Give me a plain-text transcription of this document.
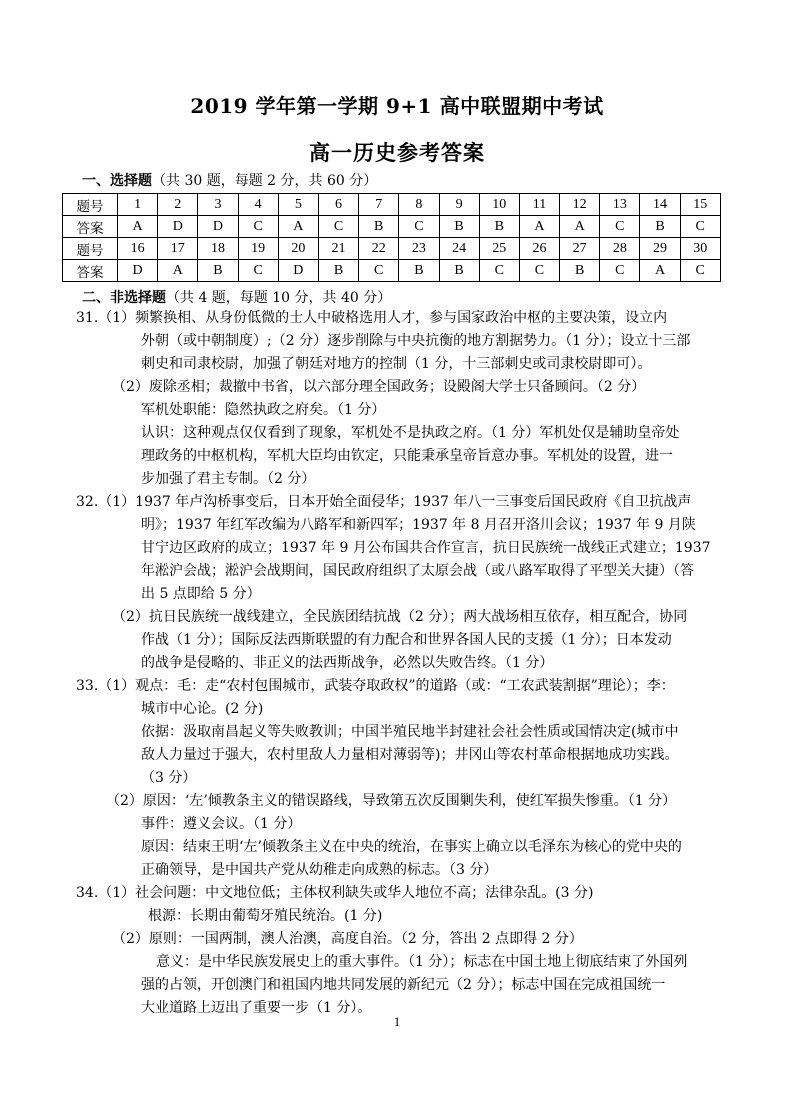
2019 学年第一学期 9+1 高中联盟期中考试
高一历史参考答案
一、选择题（共 30 题，每题 2 分，共 60 分）
题号	1	2	3	4	5	6	7	8	9	10	11	12	13	14	15
答案	A	D	D	C	A	C	B	C	B	B	A	A	C	B	C
题号	16	17	18	19	20	21	22	23	24	25	26	27	28	29	30
答案	D	A	B	C	D	B	C	B	B	C	C	B	C	A	C
二、非选择题（共 4 题，每题 10 分，共 40 分）
31.（1）频繁换相、从身份低微的士人中破格选用人才，参与国家政治中枢的主要决策，设立内
外朝（或中朝制度）;（2 分）逐步削除与中央抗衡的地方割据势力。（1 分）；设立十三部
刺史和司隶校尉，加强了朝廷对地方的控制（1 分，十三部刺史或司隶校尉即可）。
（2）废除丞相；裁撤中书省，以六部分理全国政务；设殿阁大学士只备顾问。（2 分）
军机处职能：隐然执政之府矣。（1 分）
认识：这种观点仅仅看到了现象，军机处不是执政之府。（1 分）军机处仅是辅助皇帝处
理政务的中枢机构，军机大臣均由钦定，只能秉承皇帝旨意办事。军机处的设置，进一
步加强了君主专制。（2 分）
32.（1）1937 年卢沟桥事变后，日本开始全面侵华；1937 年八一三事变后国民政府《自卫抗战声
明》；1937 年红军改编为八路军和新四军；1937 年 8 月召开洛川会议；1937 年 9 月陕
甘宁边区政府的成立；1937 年 9 月公布国共合作宣言，抗日民族统一战线正式建立；1937
年淞沪会战；淞沪会战期间，国民政府组织了太原会战（或八路军取得了平型关大捷）（答
出 5 点即给 5 分）
（2）抗日民族统一战线建立，全民族团结抗战（2 分）；两大战场相互依存，相互配合，协同
作战（1 分）；国际反法西斯联盟的有力配合和世界各国人民的支援（1 分）；日本发动
的战争是侵略的、非正义的法西斯战争，必然以失败告终。（1 分）
33.（1）观点：毛：走“农村包围城市，武装夺取政权”的道路（或：“工农武装割据”理论）；李：
城市中心论。(2 分)
依据：汲取南昌起义等失败教训；中国半殖民地半封建社会社会性质或国情决定(城市中
敌人力量过于强大，农村里敌人力量相对薄弱等)；井冈山等农村革命根据地成功实践。
（3 分）
（2）原因：‘左’倾教条主义的错误路线，导致第五次反围剿失利，使红军损失惨重。（1 分）
事件：遵义会议。（1 分）
原因：结束王明‘左’倾教条主义在中央的统治，在事实上确立以毛泽东为核心的党中央的
正确领导，是中国共产党从幼稚走向成熟的标志。（3 分）
34.（1）社会问题：中文地位低；主体权利缺失或华人地位不高；法律杂乱。(3 分)
根源：长期由葡萄牙殖民统治。(1 分)
（2）原则：一国两制，澳人治澳，高度自治。（2 分，答出 2 点即得 2 分）
意义：是中华民族发展史上的重大事件。（1 分）；标志在中国土地上彻底结束了外国列
强的占领，开创澳门和祖国内地共同发展的新纪元（2 分）；标志中国在完成祖国统一
大业道路上迈出了重要一步（1 分）。
1
